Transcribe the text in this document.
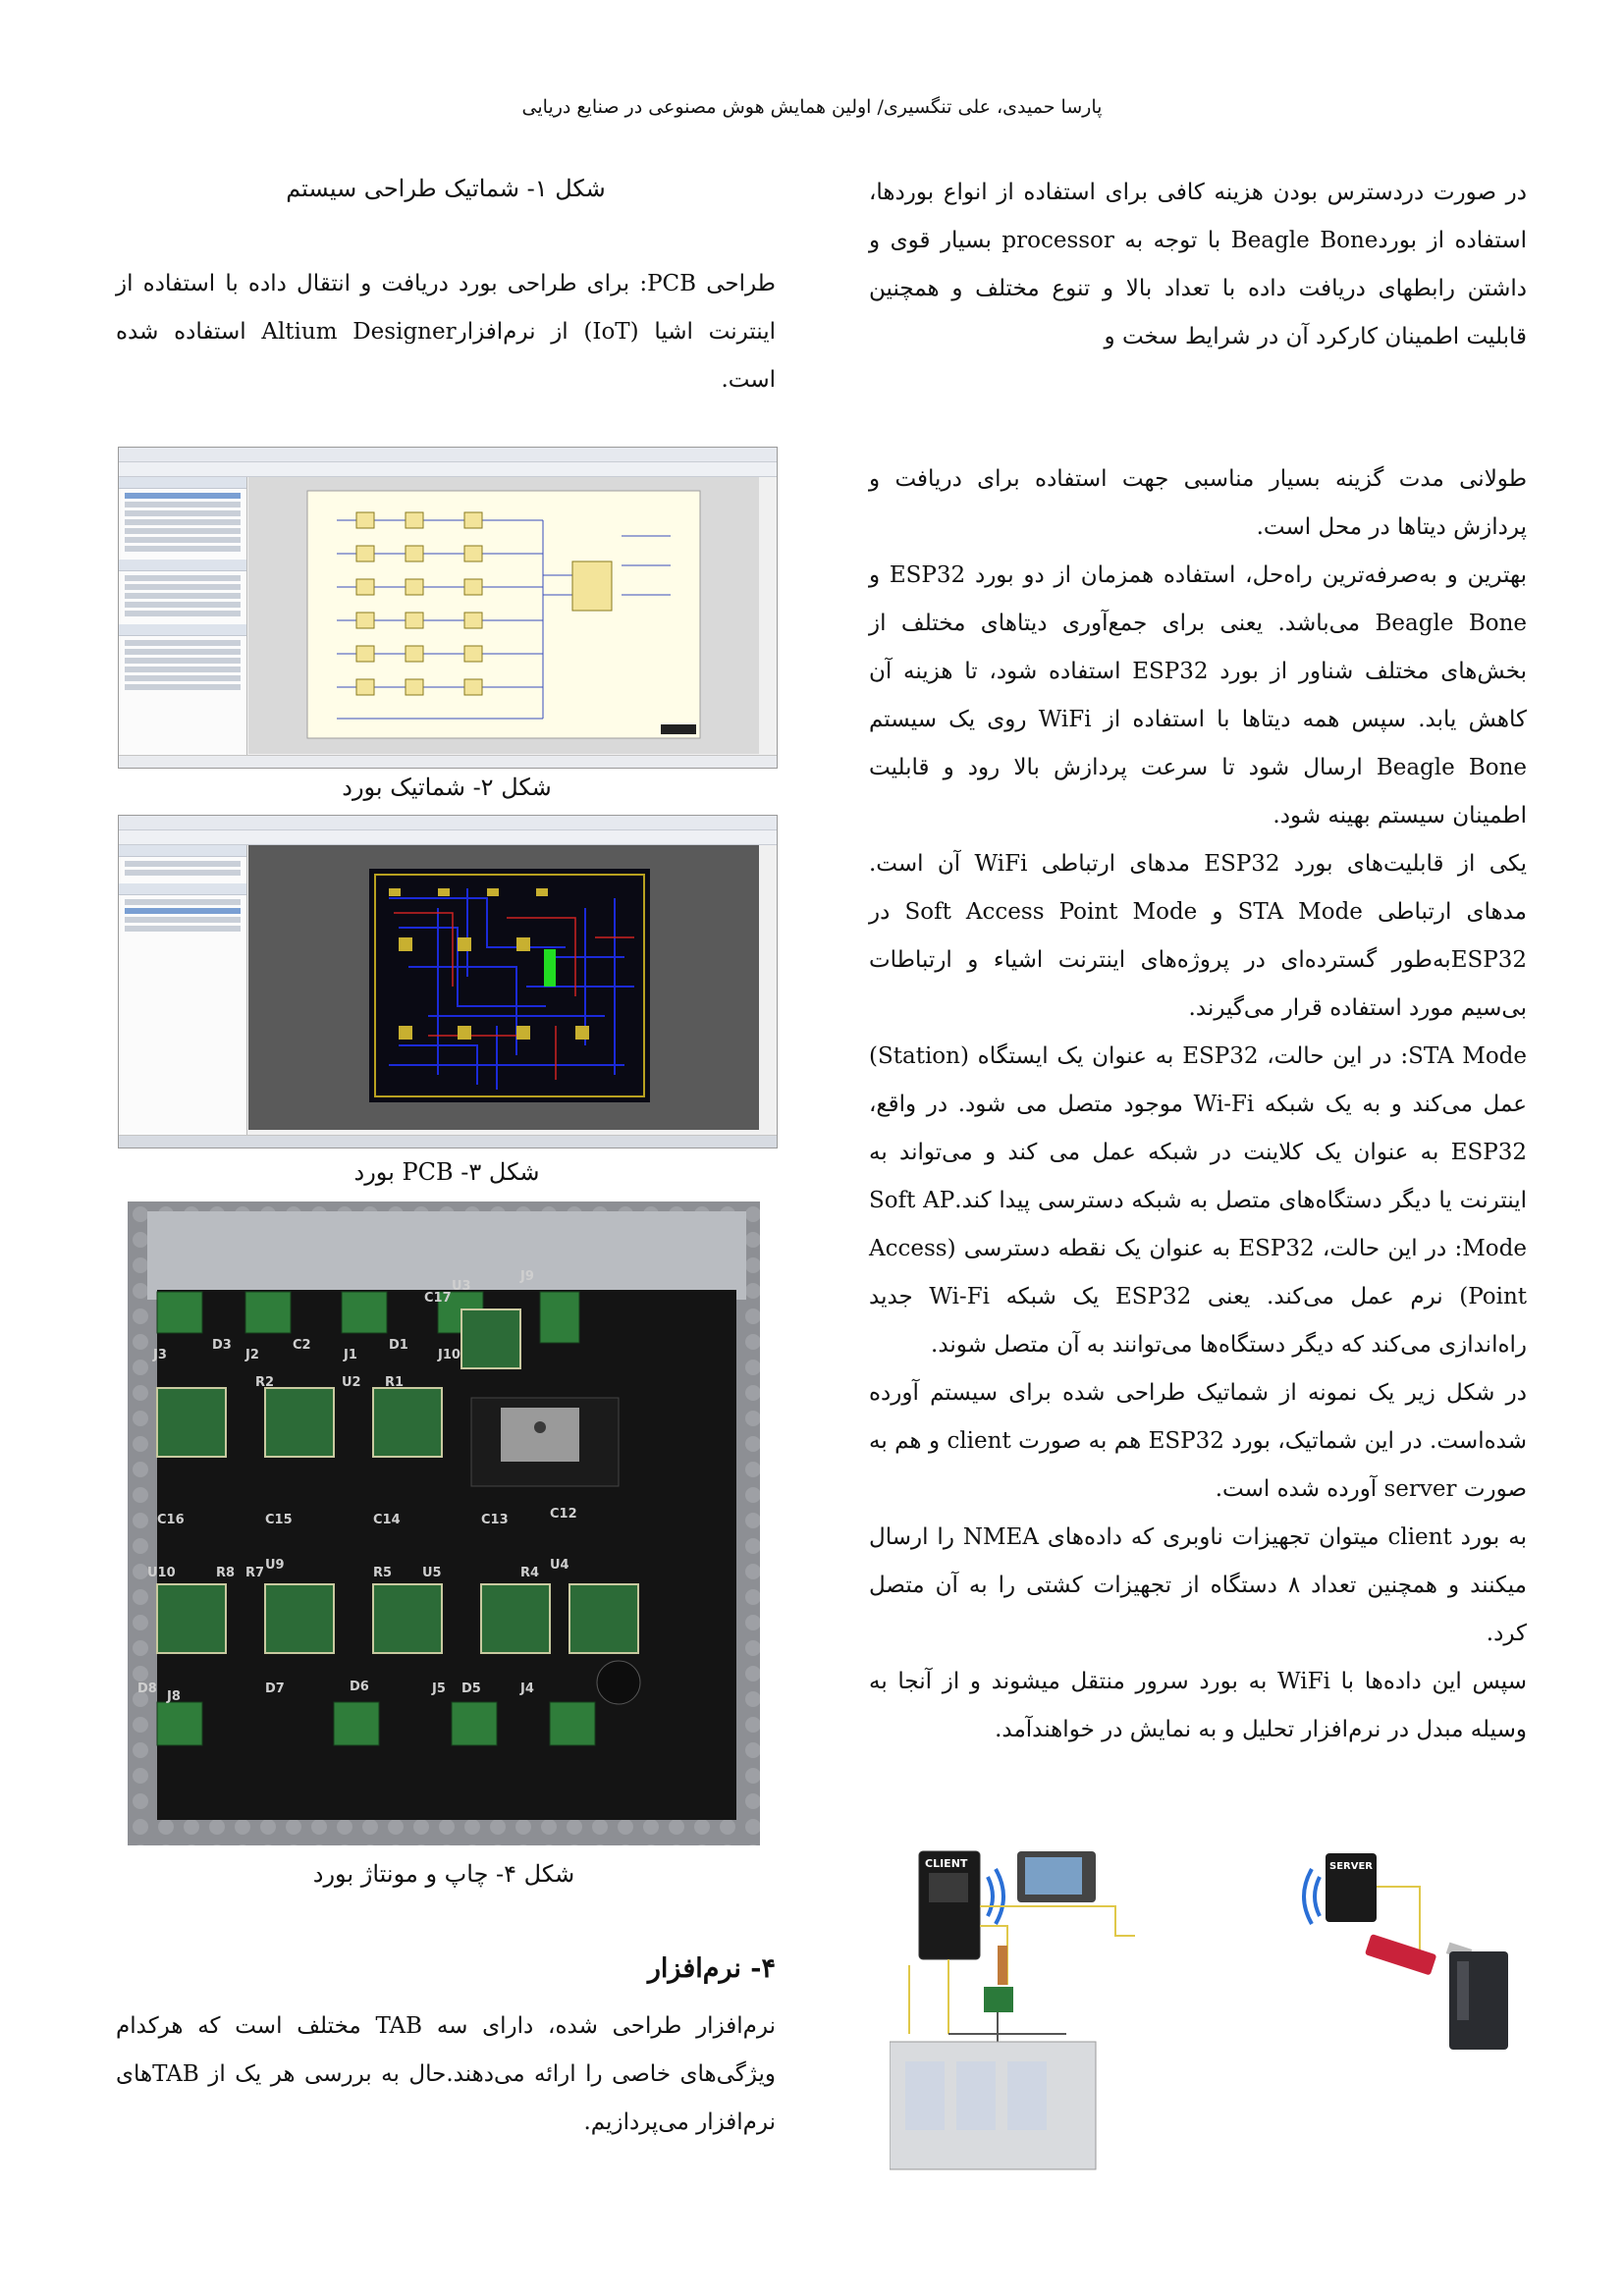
پارسا حمیدی، علی تنگسیری/ اولین همایش هوش مصنوعی در صنایع دریایی

در صورت دردسترس بودن هزینه کافی برای استفاده از انواع بوردها، استفاده از بوردBeagle Bone با توجه به processor بسیار قوی و داشتن رابطهای دریافت داده با تعداد بالا و تنوع مختلف و همچنین قابلیت اطمینان کارکرد آن در شرایط سخت و

طولانی مدت گزینه بسیار مناسبی جهت استفاده برای دریافت و پردازش دیتاها در محل است.

بهترین و به‌صرفه‌ترین راه‌حل، استفاده همزمان از دو بورد ESP32 و Beagle Bone می‌باشد. یعنی برای جمع‌آوری دیتاهای مختلف از بخش‌های مختلف شناور از بورد ESP32 استفاده شود، تا هزینه آن کاهش یابد. سپس همه دیتاها با استفاده از WiFi روی یک سیستم Beagle Bone ارسال شود تا سرعت پردازش بالا رود و قابلیت اطمینان سیستم بهینه شود.

یکی از قابلیت‌های بورد ESP32 مدهای ارتباطی WiFi آن است. مدهای ارتباطی STA Mode و Soft Access Point Mode در ESP32به‌طور گسترده‌ای در پروژه‌های اینترنت اشیاء و ارتباطات بی‌سیم مورد استفاده قرار می‌گیرند.

STA Mode: در این حالت، ESP32 به عنوان یک ایستگاه (Station) عمل می‌کند و به یک شبکه Wi-Fi موجود متصل می شود. در واقع، ESP32 به عنوان یک کلاینت در شبکه عمل می کند و می‌تواند به اینترنت یا دیگر دستگاه‌های متصل به شبکه دسترسی پیدا کند.Soft AP Mode: در این حالت، ESP32 به عنوان یک نقطه دسترسی (Access Point) نرم عمل می‌کند. یعنی ESP32 یک شبکه Wi-Fi جدید راه‌اندازی می‌کند که دیگر دستگاه‌ها می‌توانند به آن متصل شوند.

در شکل زیر یک نمونه از شماتیک طراحی شده برای سیستم آورده شده‌است. در این شماتیک، بورد ESP32 هم به صورت client و هم به صورت server آورده شده است.

به بورد client میتوان تجهیزات ناوبری که داده‌های NMEA را ارسال میکنند و همچنین تعداد ۸ دستگاه از تجهیزات کشتی را به آن متصل کرد.

سپس این داده‌ها با WiFi به بورد سرور منتقل میشوند و از آنجا به وسیله مبدل در نرم‌افزار تحلیل و به نمایش در خواهندآمد.

شکل ۱- شماتیک طراحی سیستم

طراحی PCB: برای طراحی بورد دریافت و انتقال داده با استفاده از اینترنت اشیا (IoT) از نرم‌افزارAltium Designer استفاده شده است.

شکل ۲- شماتیک بورد
شکل ۳- PCB بورد
J3
D3
J2
C2
J1
D1
J10
C17
U3
J9
R2	U2 R1
C16	C15	C14	C13	C12
U10	R8 R7
U9
R5 U5	R4
U4
D8
J8
D7	D6	J5 D5	J4
شکل ۴- چاپ و مونتاژ بورد
۴- نرم‌افزار

نرم‌افزار طراحی شده، دارای سه TAB مختلف است که هرکدام ویژگی‌های خاصی را ارائه می‌دهند.حال به بررسی هر یک از TABهای نرم‌افزار می‌پردازیم.

CLIENT	SERVER
